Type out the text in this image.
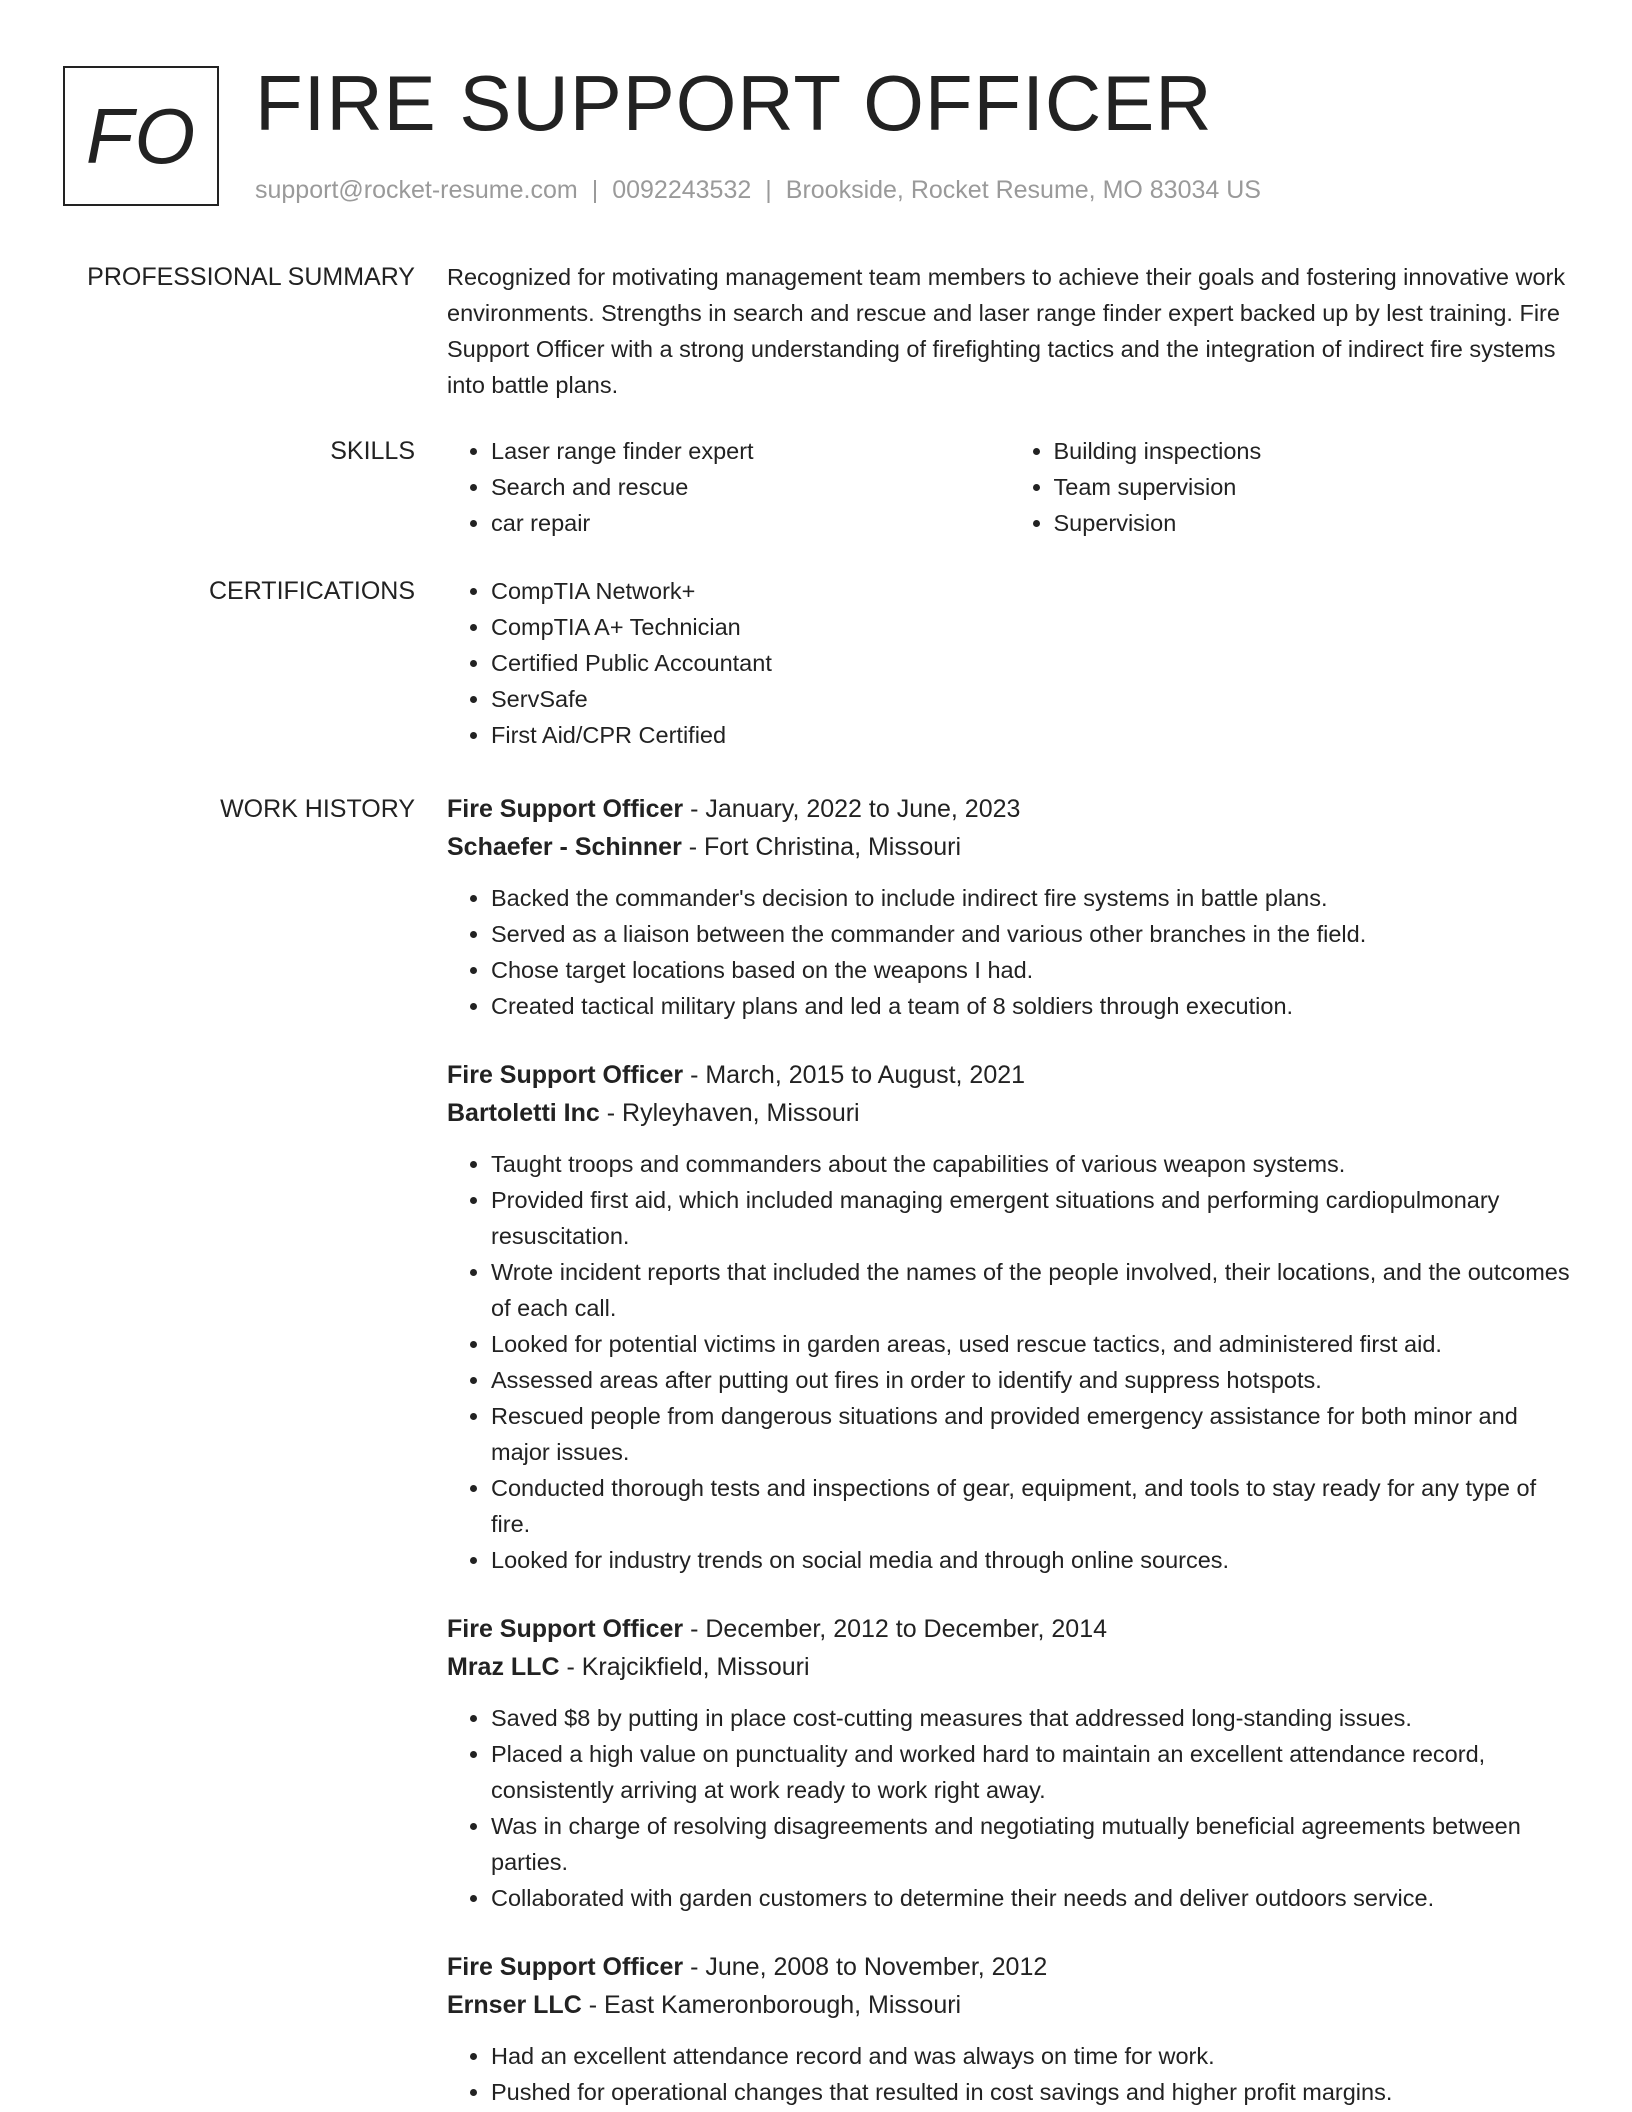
FO FIRE SUPPORT OFFICER
support@rocket-resume.com | 0092243532 | Brookside, Rocket Resume, MO 83034 US
PROFESSIONAL SUMMARY Recognized for motivating management team members to achieve their goals and fostering innovative work environments. Strengths in search and rescue and laser range finder expert backed up by lest training. Fire Support Officer with a strong understanding of firefighting tactics and the integration of indirect fire systems into battle plans.

SKILLS	• Laser range finder expert
• Search and rescue
• car repair
• Building inspections
• Team supervision
• Supervision
CERTIFICATIONS	• CompTIA Network+
• CompTIA A+ Technician
• Certified Public Accountant
• ServSafe
• First Aid/CPR Certified
WORK HISTORY Fire Support Officer - January, 2022 to June, 2023
Schaefer - Schinner - Fort Christina, Missouri
• Backed the commander's decision to include indirect fire systems in battle plans.
• Served as a liaison between the commander and various other branches in the field.
• Chose target locations based on the weapons I had.
• Created tactical military plans and led a team of 8 soldiers through execution.
Fire Support Officer - March, 2015 to August, 2021
Bartoletti Inc - Ryleyhaven, Missouri
• Taught troops and commanders about the capabilities of various weapon systems.
• Provided first aid, which included managing emergent situations and performing cardiopulmonary resuscitation.
• Wrote incident reports that included the names of the people involved, their locations, and the outcomes of each call.
• Looked for potential victims in garden areas, used rescue tactics, and administered first aid.
• Assessed areas after putting out fires in order to identify and suppress hotspots.
• Rescued people from dangerous situations and provided emergency assistance for both minor and major issues.
• Conducted thorough tests and inspections of gear, equipment, and tools to stay ready for any type of fire.
• Looked for industry trends on social media and through online sources.
Fire Support Officer - December, 2012 to December, 2014
Mraz LLC - Krajcikfield, Missouri
• Saved $8 by putting in place cost-cutting measures that addressed long-standing issues.
• Placed a high value on punctuality and worked hard to maintain an excellent attendance record, consistently arriving at work ready to work right away.
• Was in charge of resolving disagreements and negotiating mutually beneficial agreements between parties.
• Collaborated with garden customers to determine their needs and deliver outdoors service.
Fire Support Officer - June, 2008 to November, 2012
Ernser LLC - East Kameronborough, Missouri
• Had an excellent attendance record and was always on time for work.
• Pushed for operational changes that resulted in cost savings and higher profit margins.
